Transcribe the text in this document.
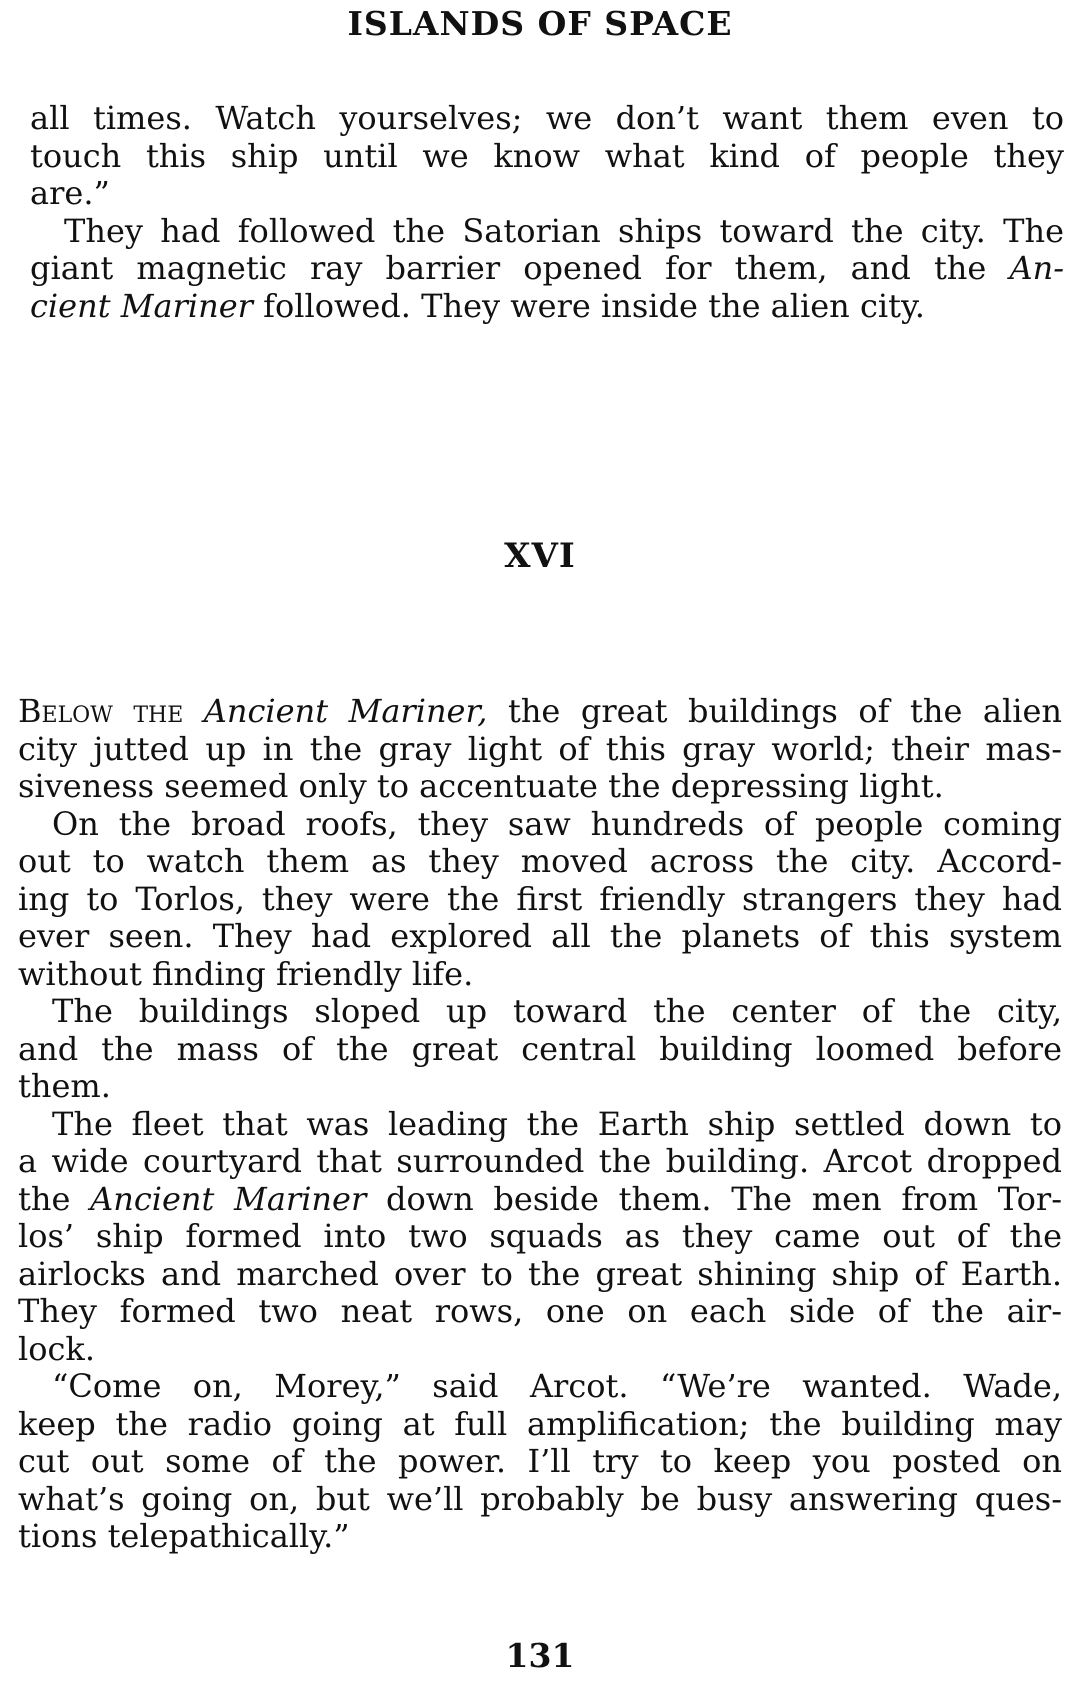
ISLANDS OF SPACE
all times. Watch yourselves; we don’t want them even to
touch this ship until we know what kind of people they
are.”
They had followed the Satorian ships toward the city. The
giant magnetic ray barrier opened for them, and the An-
cient Mariner followed. They were inside the alien city.
XVI
Below the Ancient Mariner, the great buildings of the alien
city jutted up in the gray light of this gray world; their mas-
siveness seemed only to accentuate the depressing light.
On the broad roofs, they saw hundreds of people coming
out to watch them as they moved across the city. Accord-
ing to Torlos, they were the first friendly strangers they had
ever seen. They had explored all the planets of this system
without finding friendly life.
The buildings sloped up toward the center of the city,
and the mass of the great central building loomed before
them.
The fleet that was leading the Earth ship settled down to
a wide courtyard that surrounded the building. Arcot dropped
the Ancient Mariner down beside them. The men from Tor-
los’ ship formed into two squads as they came out of the
airlocks and marched over to the great shining ship of Earth.
They formed two neat rows, one on each side of the air-
lock.
“Come on, Morey,” said Arcot. “We’re wanted. Wade,
keep the radio going at full amplification; the building may
cut out some of the power. I’ll try to keep you posted on
what’s going on, but we’ll probably be busy answering ques-
tions telepathically.”
131
